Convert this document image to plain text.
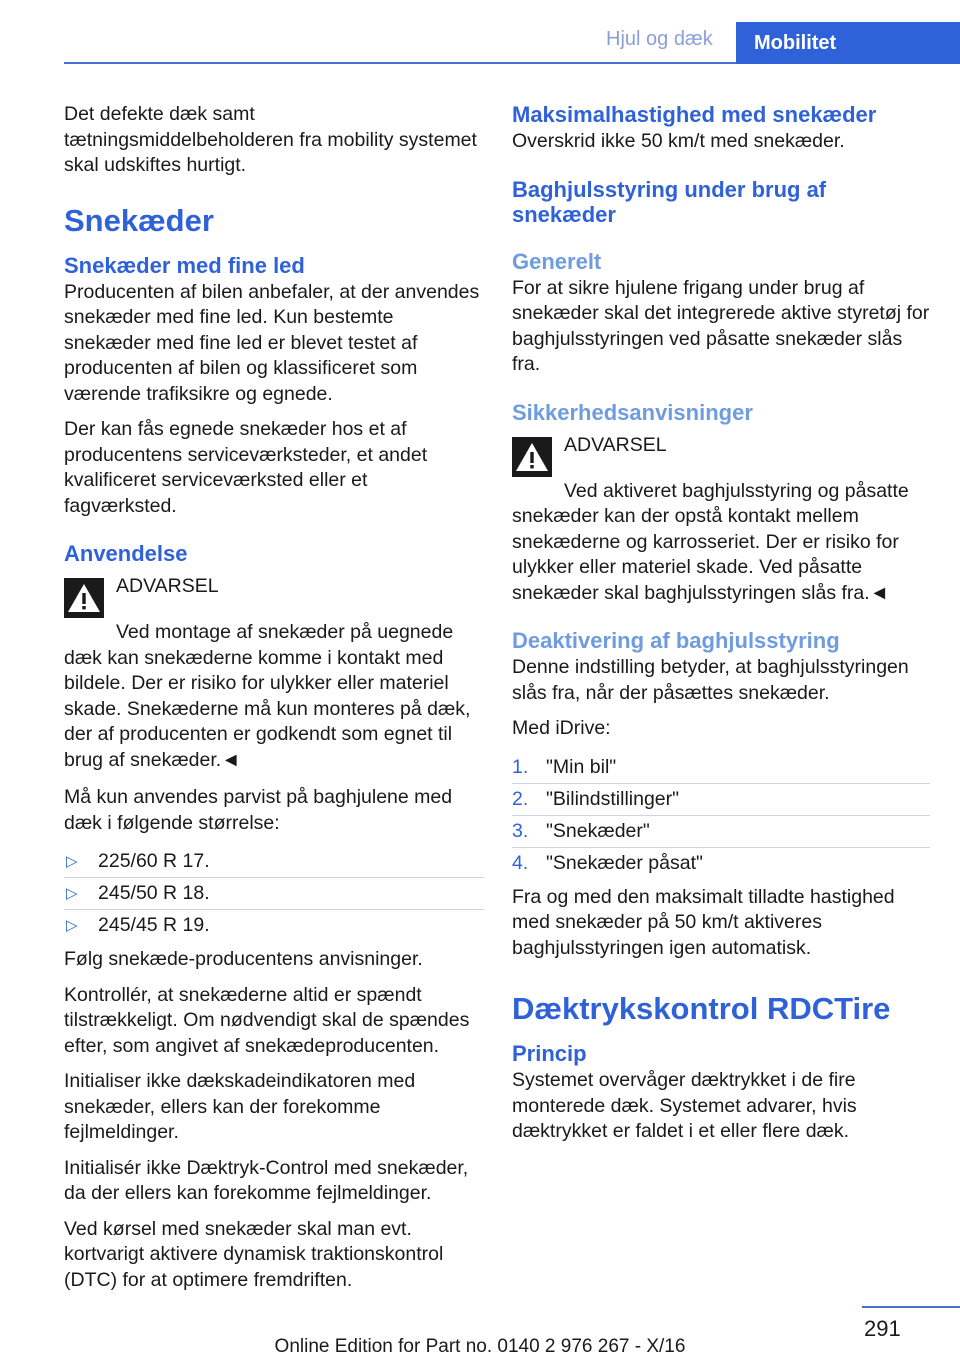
Hjul og dæk	Mobilitet

Det defekte dæk samt tætningsmiddelbeholderen fra mobility systemet skal udskiftes hurtigt.

Snekæder
Snekæder med fine led

Producenten af bilen anbefaler, at der anvendes snekæder med fine led. Kun bestemte snekæder med fine led er blevet testet af producenten af bilen og klassificeret som værende trafiksikre og egnede.

Der kan fås egnede snekæder hos et af producentens serviceværksteder, et andet kvalificeret serviceværksted eller et fagværksted.

Anvendelse
ADVARSEL
Ved montage af snekæder på uegnede dæk kan snekæderne komme i kontakt med bildele. Der er risiko for ulykker eller materiel skade. Snekæderne må kun monteres på dæk, der af producenten er godkendt som egnet til brug af snekæder.◄

Må kun anvendes parvist på baghjulene med dæk i følgende størrelse:

▷ 225/60 R 17.
▷ 245/50 R 18.
▷ 245/45 R 19.

Følg snekæde-producentens anvisninger.

Kontrollér, at snekæderne altid er spændt tilstrækkeligt. Om nødvendigt skal de spændes efter, som angivet af snekædeproducenten.

Initialiser ikke dækskadeindikatoren med snekæder, ellers kan der forekomme fejlmeldinger.

Initialisér ikke Dæktryk-Control med snekæder, da der ellers kan forekomme fejlmeldinger.

Ved kørsel med snekæder skal man evt. kortvarigt aktivere dynamisk traktionskontrol (DTC) for at optimere fremdriften.

Maksimalhastighed med snekæder

Overskrid ikke 50 km/t med snekæder.

Baghjulsstyring under brug af snekæder
Generelt

For at sikre hjulene frigang under brug af snekæder skal det integrerede aktive styretøj for baghjulsstyringen ved påsatte snekæder slås fra.

Sikkerhedsanvisninger
ADVARSEL
Ved aktiveret baghjulsstyring og påsatte snekæder kan der opstå kontakt mellem snekæderne og karrosseriet. Der er risiko for ulykker eller materiel skade. Ved påsatte snekæder skal baghjulsstyringen slås fra.◄
Deaktivering af baghjulsstyring

Denne indstilling betyder, at baghjulsstyringen slås fra, når der påsættes snekæder.

Med iDrive:

1. "Min bil"
2. "Bilindstillinger"
3. "Snekæder"
4. "Snekæder påsat"

Fra og med den maksimalt tilladte hastighed med snekæder på 50 km/t aktiveres baghjulsstyringen igen automatisk.

Dæktrykskontrol RDCTire
Princip

Systemet overvåger dæktrykket i de fire monterede dæk. Systemet advarer, hvis dæktrykket er faldet i et eller flere dæk.

291
Online Edition for Part no. 0140 2 976 267 - X/16
